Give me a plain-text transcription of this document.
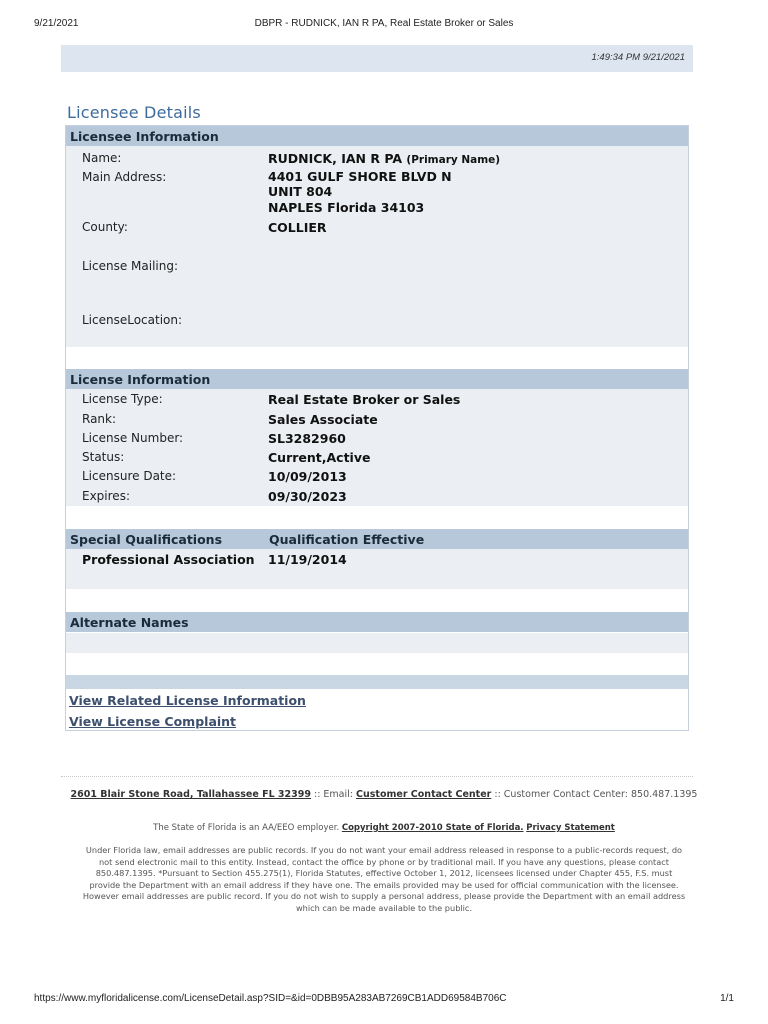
9/21/2021	DBPR - RUDNICK, IAN R PA, Real Estate Broker or Sales
1:49:34 PM 9/21/2021
Licensee Details
Licensee Information
Name:	RUDNICK, IAN R PA (Primary Name)
Main Address:	4401 GULF SHORE BLVD N
UNIT 804
NAPLES Florida 34103
County:	COLLIER
License Mailing:
LicenseLocation:
License Information
License Type:	Real Estate Broker or Sales
Rank:	Sales Associate
License Number:	SL3282960
Status:	Current,Active
Licensure Date:	10/09/2013
Expires:	09/30/2023
Special Qualifications	Qualification Effective
Professional Association 11/19/2014
Alternate Names
View Related License Information
View License Complaint
2601 Blair Stone Road, Tallahassee FL 32399 :: Email: Customer Contact Center :: Customer Contact Center: 850.487.1395
The State of Florida is an AA/EEO employer. Copyright 2007-2010 State of Florida. Privacy Statement
Under Florida law, email addresses are public records. If you do not want your email address released in response to a public-records request, do not send electronic mail to this entity. Instead, contact the office by phone or by traditional mail. If you have any questions, please contact 850.487.1395. *Pursuant to Section 455.275(1), Florida Statutes, effective October 1, 2012, licensees licensed under Chapter 455, F.S. must provide the Department with an email address if they have one. The emails provided may be used for official communication with the licensee. However email addresses are public record. If you do not wish to supply a personal address, please provide the Department with an email address which can be made available to the public.
https://www.myfloridalicense.com/LicenseDetail.asp?SID=&id=0DBB95A283AB7269CB1ADD69584B706C	1/1
